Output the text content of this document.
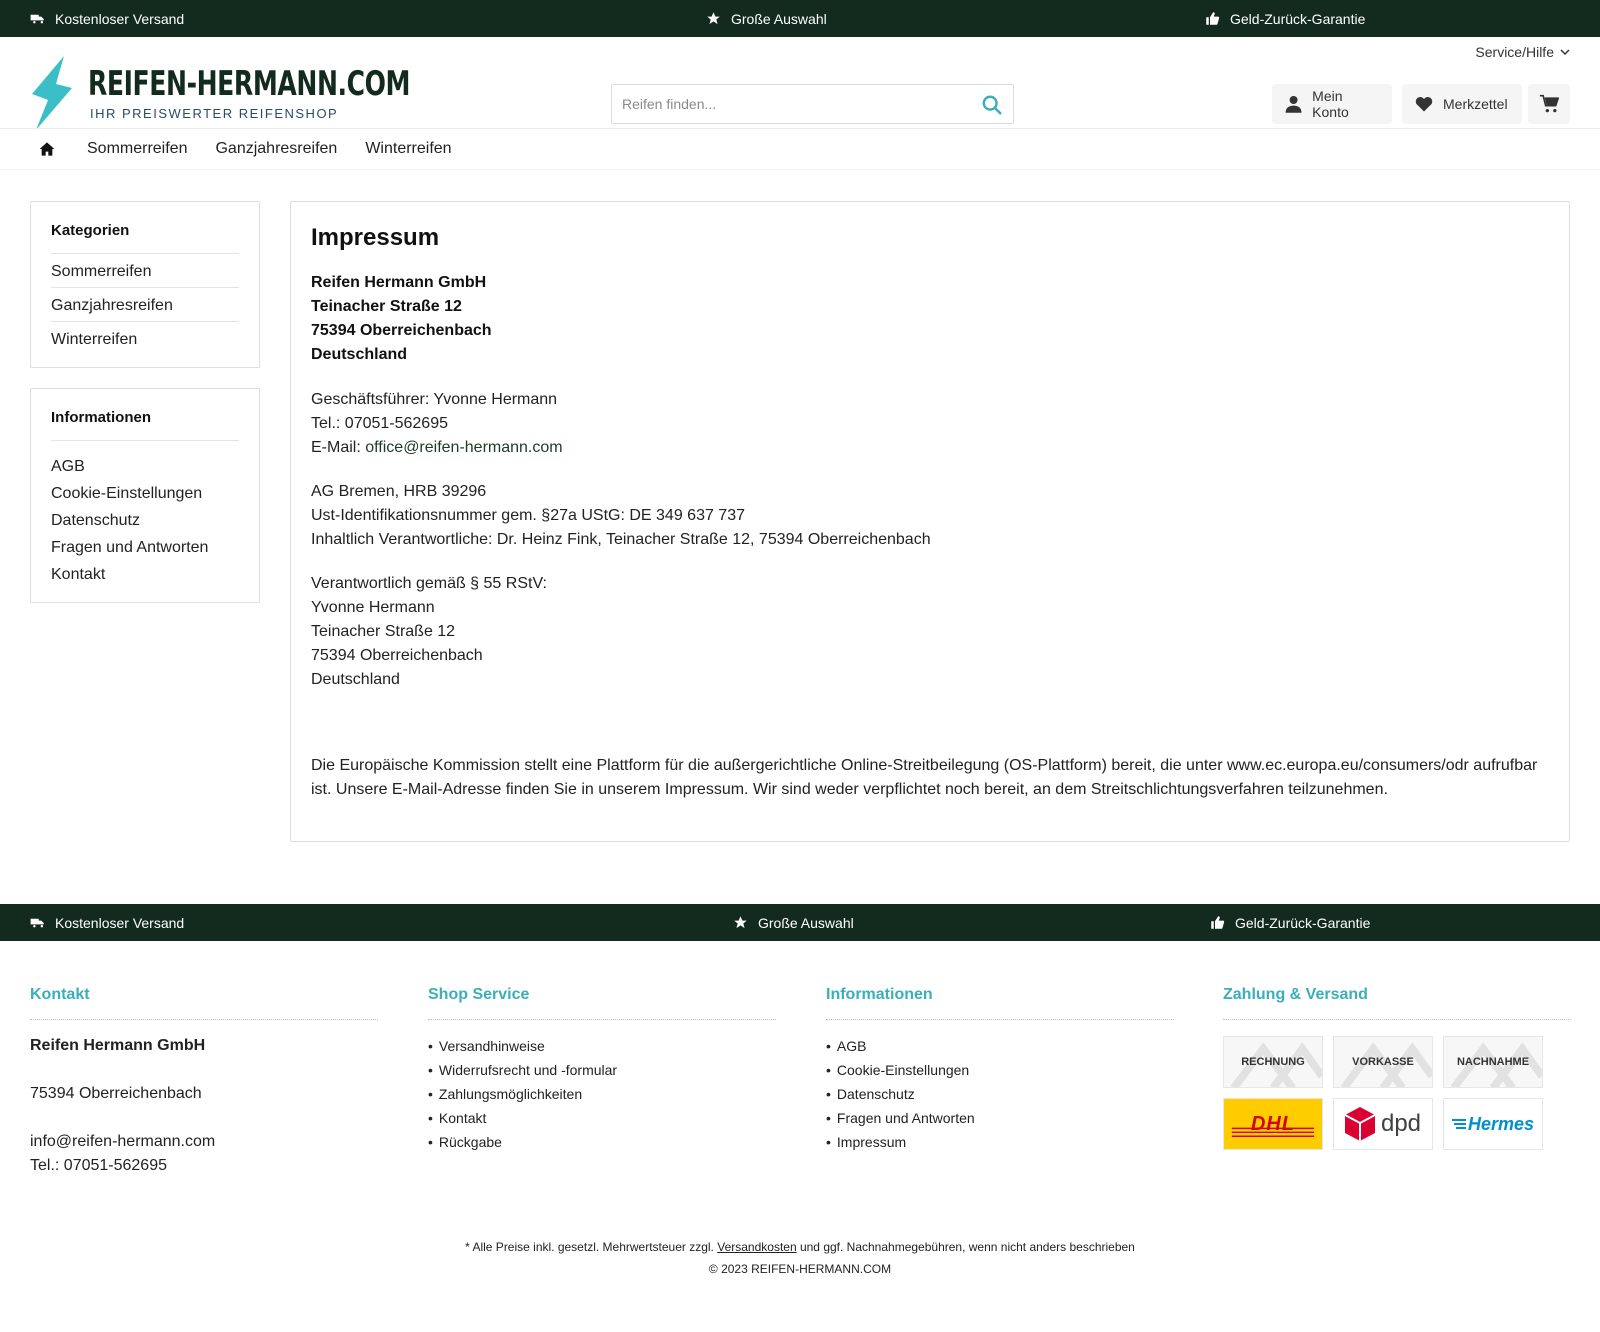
Kostenloser Versand	Große Auswahl	Geld-Zurück-Garantie
Service/Hilfe
REIFEN-HERMANN.COM
IHR PREISWERTER REIFENSHOP
Reifen finden...
Mein Konto	Merkzettel
Sommerreifen Ganzjahresreifen Winterreifen
Kategorien
Sommerreifen
Ganzjahresreifen
Winterreifen
Informationen
AGB
Cookie-Einstellungen
Datenschutz
Fragen und Antworten
Kontakt
Impressum
Reifen Hermann GmbH
Teinacher Straße 12
75394 Oberreichenbach
Deutschland
Geschäftsführer: Yvonne Hermann
Tel.: 07051-562695
E-Mail: office@reifen-hermann.com
AG Bremen, HRB 39296
Ust-Identifikationsnummer gem. §27a UStG: DE 349 637 737
Inhaltlich Verantwortliche: Dr. Heinz Fink, Teinacher Straße 12, 75394 Oberreichenbach
Verantwortlich gemäß § 55 RStV:
Yvonne Hermann
Teinacher Straße 12
75394 Oberreichenbach
Deutschland
Die Europäische Kommission stellt eine Plattform für die außergerichtliche Online-Streitbeilegung (OS-Plattform) bereit, die unter www.ec.europa.eu/consumers/odr aufrufbar ist. Unsere E-Mail-Adresse finden Sie in unserem Impressum. Wir sind weder verpflichtet noch bereit, an dem Streitschlichtungsverfahren teilzunehmen.
Kostenloser Versand	Große Auswahl	Geld-Zurück-Garantie
Kontakt
Reifen Hermann GmbH
75394 Oberreichenbach
info@reifen-hermann.com
Tel.: 07051-562695
Shop Service
• Versandhinweise
• Widerrufsrecht und -formular
• Zahlungsmöglichkeiten
• Kontakt
• Rückgabe
Informationen
• AGB
• Cookie-Einstellungen
• Datenschutz
• Fragen und Antworten
• Impressum
Zahlung & Versand
RECHNUNG	VORKASSE	NACHNAHME
DHL	dpd	Hermes
* Alle Preise inkl. gesetzl. Mehrwertsteuer zzgl. Versandkosten und ggf. Nachnahmegebühren, wenn nicht anders beschrieben
© 2023 REIFEN-HERMANN.COM
